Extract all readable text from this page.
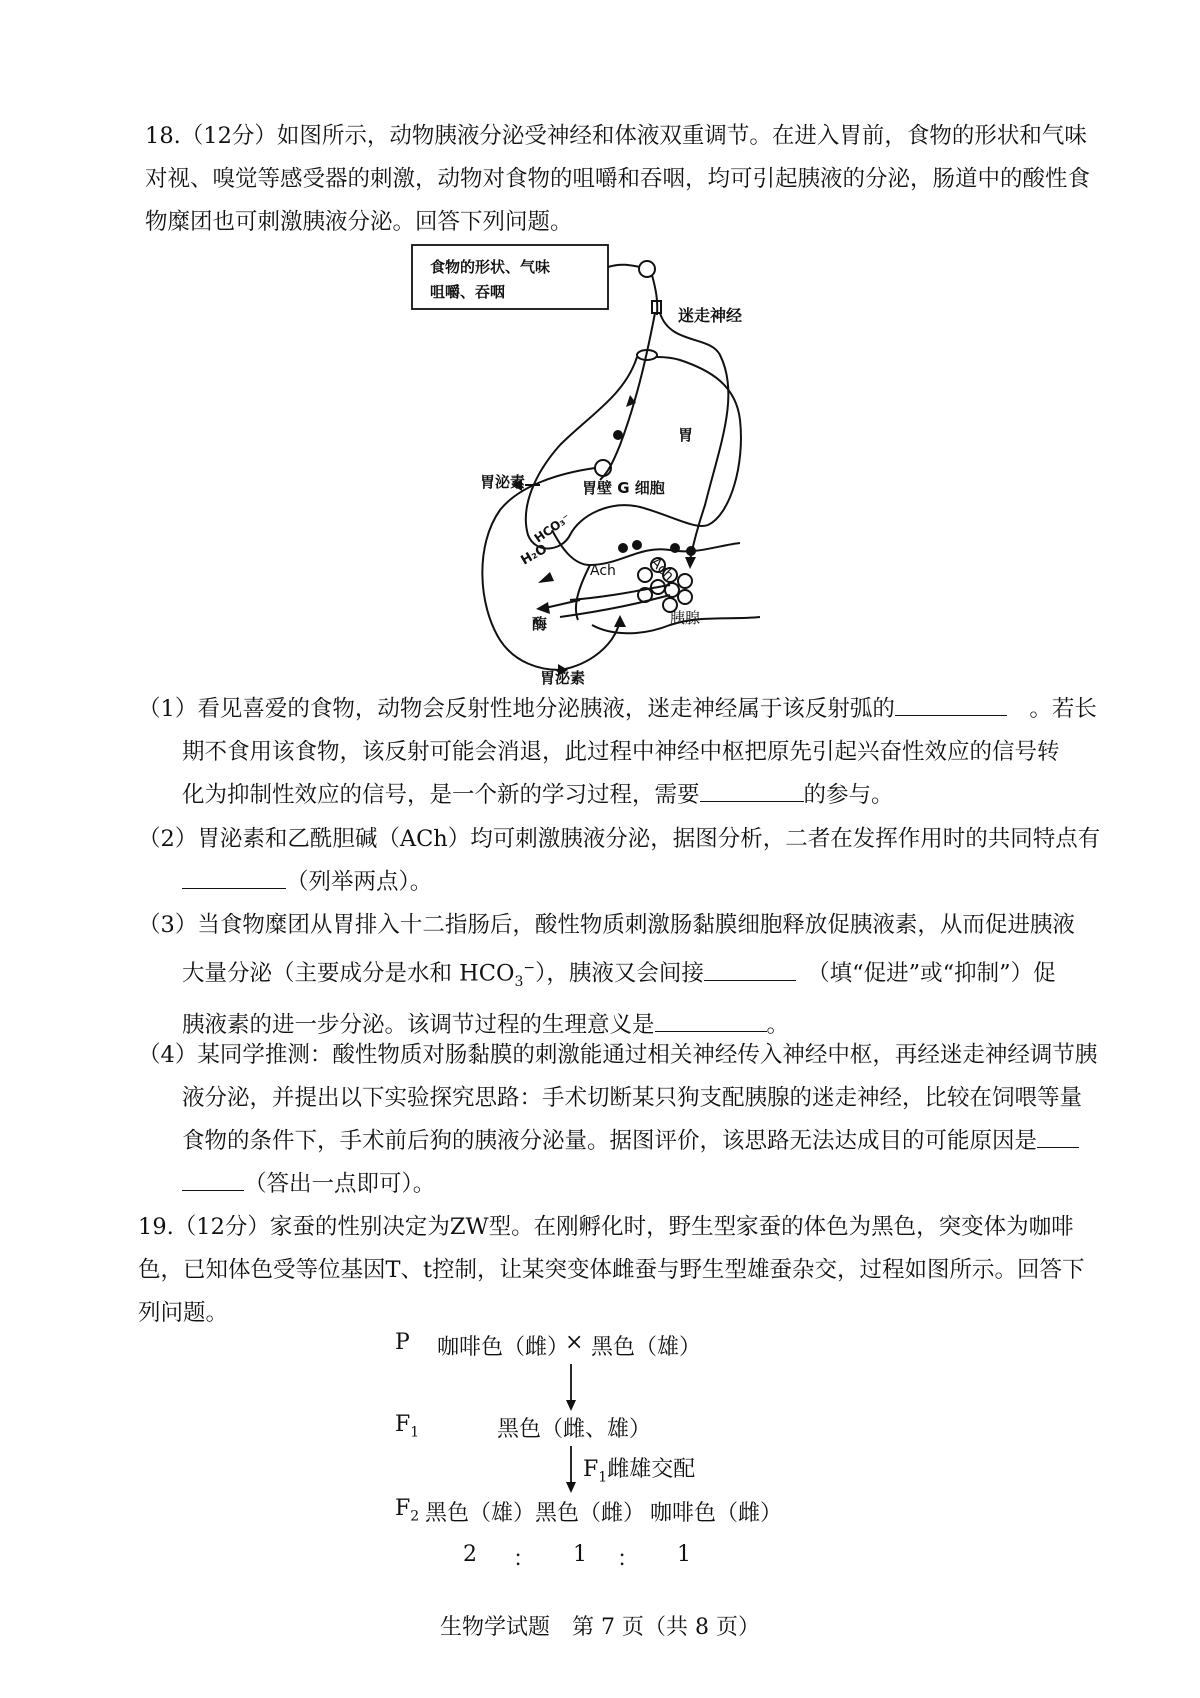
18.（12分）如图所示，动物胰液分泌受神经和体液双重调节。在进入胃前，食物的形状和气味对视、嗅觉等感受器的刺激，动物对食物的咀嚼和吞咽，均可引起胰液的分泌，肠道中的酸性食物糜团也可刺激胰液分泌。回答下列问题。

食物的形状、气味
咀嚼、吞咽
迷走神经
胃
胃泌素	胃壁 G 细胞
HCO₃⁻
H₂O
Ach Ach
酶	胰腺
胃泌素
（1）看见喜爱的食物，动物会反射性地分泌胰液，迷走神经属于该反射弧的　	。若长
期不食用该食物，该反射可能会消退，此过程中神经中枢把原先引起兴奋性效应的信号转
化为抑制性效应的信号，是一个新的学习过程，需要	的参与。
（2）胃泌素和乙酰胆碱（ACh）均可刺激胰液分泌，据图分析，二者在发挥作用时的共同特点有
（列举两点）。
（3）当食物糜团从胃排入十二指肠后，酸性物质刺激肠黏膜细胞释放促胰液素，从而促进胰液
大量分泌（主要成分是水和 $HCO_3^-$），胰液又会间接　	（填“促进”或“抑制”）促
胰液素的进一步分泌。该调节过程的生理意义是	。
（4）某同学推测：酸性物质对肠黏膜的刺激能通过相关神经传入神经中枢，再经迷走神经调节胰
液分泌，并提出以下实验探究思路：手术切断某只狗支配胰腺的迷走神经，比较在饲喂等量
食物的条件下，手术前后狗的胰液分泌量。据图评价，该思路无法达成目的可能原因是
（答出一点即可）。

19.（12分）家蚕的性别决定为ZW型。在刚孵化时，野生型家蚕的体色为黑色，突变体为咖啡色，已知体色受等位基因T、t控制，让某突变体雌蚕与野生型雄蚕杂交，过程如图所示。回答下列问题。

P 咖啡色（雌）
× 黑色（雄）
$F_1$	黑色（雌、雄）
$F_1$雌雄交配
$F_2$ 黑色（雄） 黑色（雌） 咖啡色（雌）
2 ： 1 ： 1
生物学试题　第 7 页（共 8 页）
